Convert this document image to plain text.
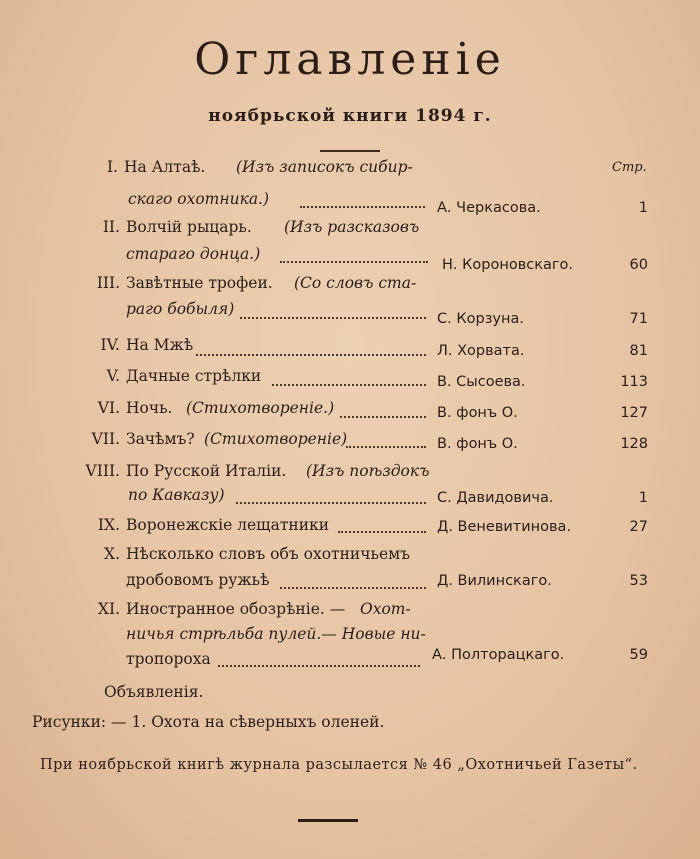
Оглавленіе
ноябрьской книги 1894 г.
Стр.
I. На Алтаѣ. (Изъ записокъ сибир-
скаго охотника.)	А. Черкасова.	1
II. Волчій рыцарь. (Изъ разсказовъ
стараго донца.)
Н. Короновскаго.	60
III. Завѣтные трофеи. (Со словъ ста-
раго бобыля)
С. Корзуна.	71
IV. На Мжѣ	Л. Хорвата.	81
V. Дачные стрѣлки	В. Сысоева.	113
VI. Ночь. (Стихотвореніе.)	В. фонъ О.	127
VII. Зачѣмъ? (Стихотвореніе)	В. фонъ О.	128
VIII. По Русской Италіи. (Изъ поѣздокъ
по Кавказу)	С. Давидовича.	1
IX. Воронежскіе лещатники	Д. Веневитинова.	27
X. Нѣсколько словъ объ охотничьемъ
дробовомъ ружьѣ	Д. Вилинскаго.	53
XI. Иностранное обозрѣніе. — Охот-
ничья стрѣльба пулей.— Новые ни-
тропороха	А. Полторацкаго.	59
Объявленія.
Рисунки: — 1. Охота на сѣверныхъ оленей.
При ноябрьской книгѣ журнала разсылается № 46 „Охотничьей Газеты“.
